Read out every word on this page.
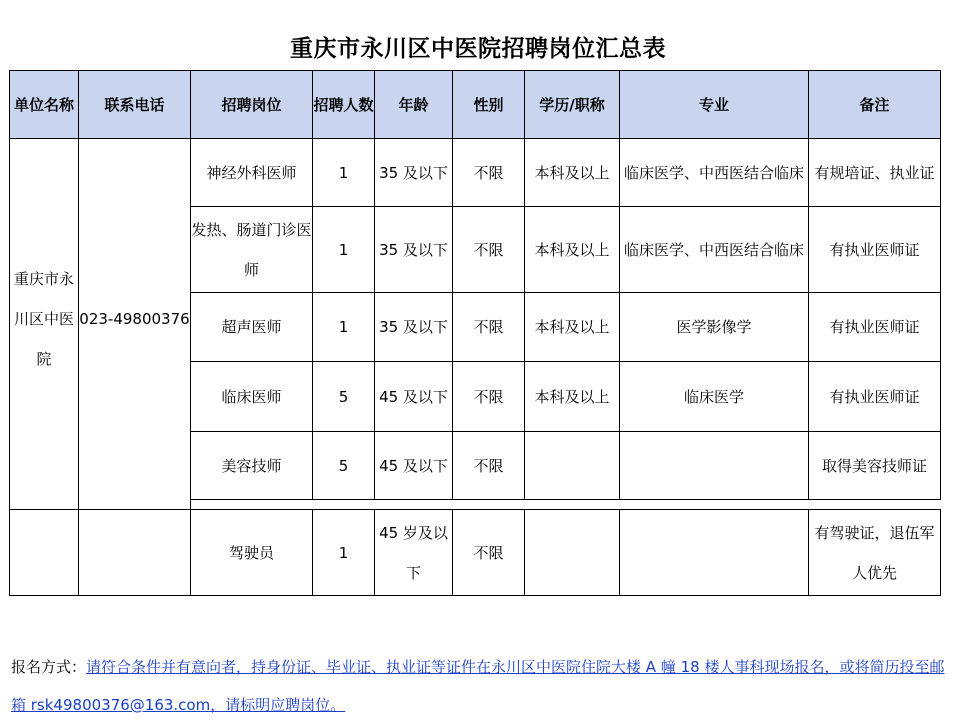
重庆市永川区中医院招聘岗位汇总表
单位名称	联系电话	招聘岗位	招聘人数	年龄	性别	学历/职称	专业	备注
重庆市永川区中医院	023-49800376	神经外科医师	1	35 及以下	不限	本科及以上	临床医学、中西医结合临床	有规培证、执业证
		发热、肠道门诊医师	1	35 及以下	不限	本科及以上	临床医学、中西医结合临床	有执业医师证
		超声医师	1	35 及以下	不限	本科及以上	医学影像学	有执业医师证
		临床医师	5	45 及以下	不限	本科及以上	临床医学	有执业医师证
		美容技师	5	45 及以下	不限			取得美容技师证

		驾驶员	1	45 岁及以下	不限			有驾驶证，退伍军人优先
报名方式：请符合条件并有意向者，持身份证、毕业证、执业证等证件在永川区中医院住院大楼 A 幢 18 楼人事科现场报名，或将简历投至邮箱 rsk49800376@163.com，请标明应聘岗位。
